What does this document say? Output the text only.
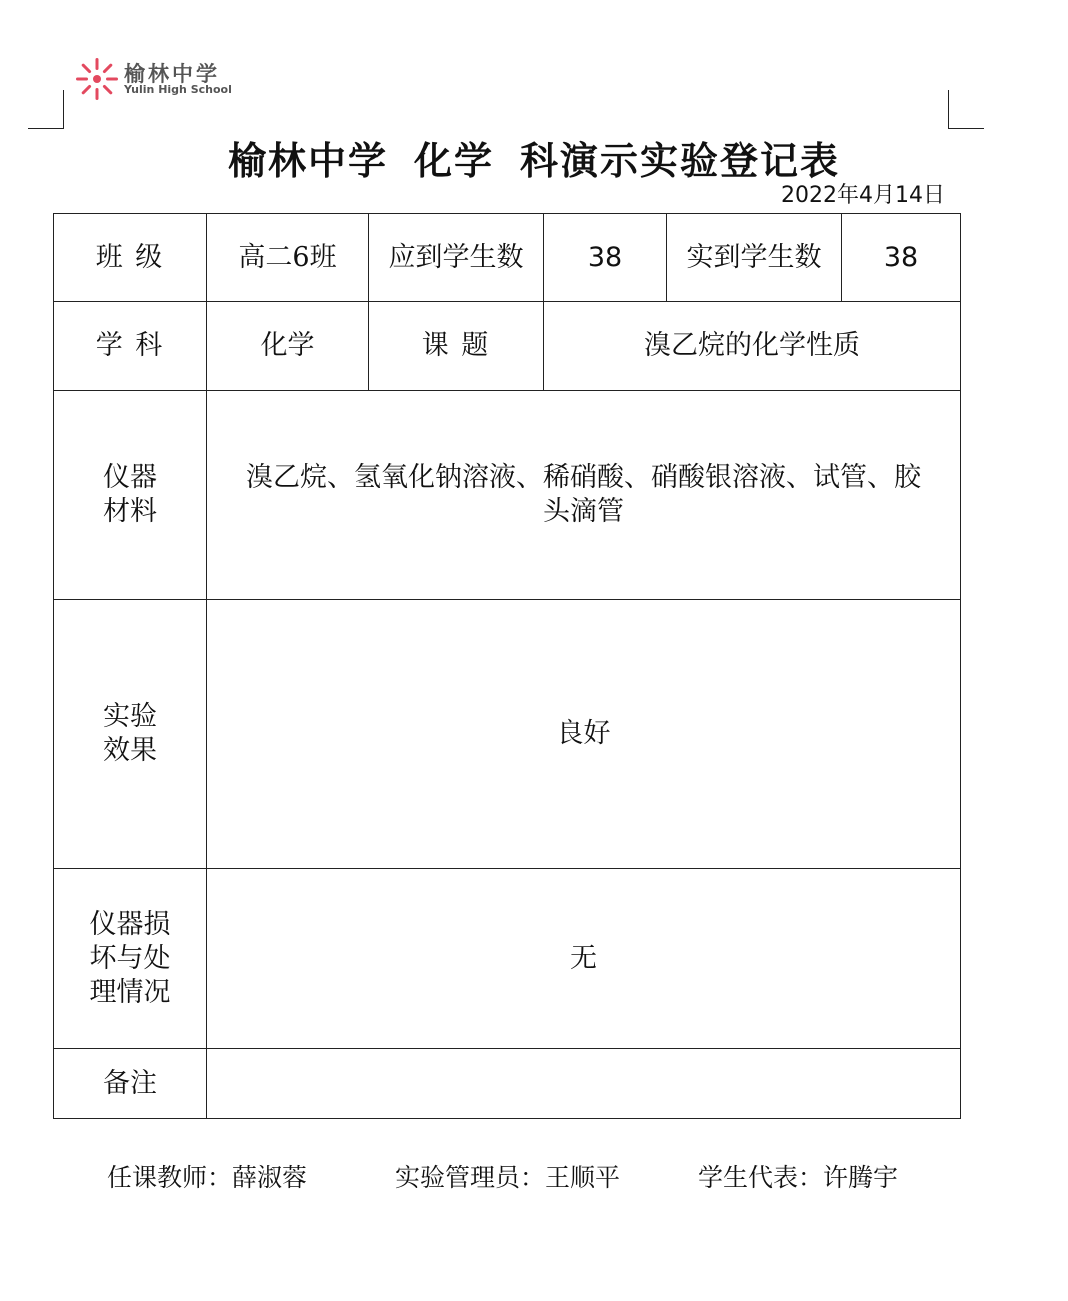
榆林中学
Yulin High School
榆林中学 化学 科演示实验登记表
2022年4月14日
班 级	高二6班	应到学生数	38	实到学生数	38
学 科	化学	课 题	溴乙烷的化学性质		
仪器
材料	溴乙烷、氢氧化钠溶液、稀硝酸、硝酸银溶液、试管、胶头滴管				
实验
效果	良好				
仪器损
坏与处
理情况	无				
备注					
任课教师：薛淑蓉	实验管理员：王顺平	学生代表：许腾宇
